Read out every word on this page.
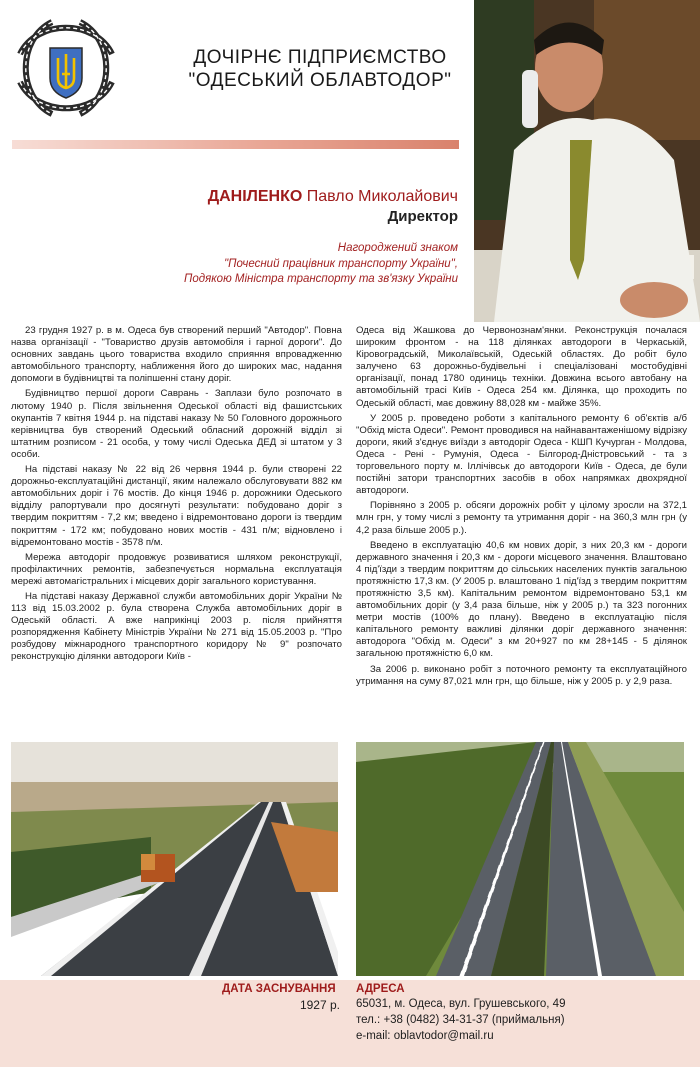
ДОЧІРНЄ ПІДПРИЄМСТВО
"ОДЕСЬКИЙ ОБЛАВТОДОР"
ДАНІЛЕНКО Павло Миколайович
Директор
Нагороджений знаком
"Почесний працівник транспорту України",
Подякою Міністра транспорту та зв'язку України

23 грудня 1927 р. в м. Одеса був створений перший "Автодор". Повна назва організації - "Товариство друзів автомобіля і гарної дороги". До основних завдань цього товариства входило сприяння впровадженню автомобільного транспорту, наближення його до широких мас, надання допомоги в будівництві та поліпшенні стану доріг.

Будівництво першої дороги Саврань - Заплази було розпочато в лютому 1940 р. Після звільнення Одеської області від фашистських окупантів 7 квітня 1944 р. на підставі наказу № 50 Головного дорожнього керівництва був створений Одеський обласний дорожній відділ зі штатним розписом - 21 особа, у тому числі Одеська ДЕД зі штатом у 3 особи.

На підставі наказу № 22 від 26 червня 1944 р. були створені 22 дорожньо-експлуатаційні дистанції, яким належало обслуговувати 882 км автомобільних доріг і 76 мостів. До кінця 1946 р. дорожники Одеського відділу рапортували про досягнуті результати: побудовано доріг з твердим покриттям - 7,2 км; введено і відремонтовано дороги із твердим покриттям - 172 км; побудовано нових мостів - 431 п/м; відновлено і відремонтовано мостів - 3578 п/м.

Мережа автодоріг продовжує розвиватися шляхом реконструкції, профілактичних ремонтів, забезпечується нормальна експлуатація мережі автомагістральних і місцевих доріг загального користування.

На підставі наказу Державної служби автомобільних доріг України № 113 від 15.03.2002 р. була створена Служба автомобільних доріг в Одеській області. А вже наприкінці 2003 р. після прийняття розпорядження Кабінету Міністрів України № 271 від 15.05.2003 р. "Про розбудову міжнародного транспортного коридору № 9" розпочато реконструкцію ділянки автодороги Київ -

Одеса від Жашкова до Червонознам'янки. Реконструкція почалася широким фронтом - на 118 ділянках автодороги в Черкаській, Кіровоградській, Миколаївській, Одеській областях. До робіт було залучено 63 дорожньо-будівельні і спеціалізовані мостобудівні організації, понад 1780 одиниць техніки. Довжина всього автобану на автомобільній трасі Київ - Одеса 254 км. Ділянка, що проходить по Одеській області, має довжину 88,028 км - майже 35%.

У 2005 р. проведено роботи з капітального ремонту 6 об'єктів а/б "Обхід міста Одеси". Ремонт проводився на найнавантаженішому відрізку дороги, який з'єднує виїзди з автодоріг Одеса - КШП Кучурган - Молдова, Одеса - Рені - Румунія, Одеса - Білгород-Дністровський - та з торговельного порту м. Іллічівськ до автодороги Київ - Одеса, де були постійні затори транспортних засобів в обох напрямках двохрядної автодороги.

Порівняно з 2005 р. обсяги дорожніх робіт у цілому зросли на 372,1 млн грн, у тому числі з ремонту та утримання доріг - на 360,3 млн грн (у 4,2 раза більше 2005 р.).

Введено в експлуатацію 40,6 км нових доріг, з них 20,3 км - дороги державного значення і 20,3 км - дороги місцевого значення. Влаштовано 4 під'їзди з твердим покриттям до сільських населених пунктів загальною протяжністю 17,3 км. (У 2005 р. влаштовано 1 під'їзд з твердим покриттям протяжністю 3,5 км). Капітальним ремонтом відремонтовано 53,1 км автомобільних доріг (у 3,4 раза більше, ніж у 2005 р.) та 323 погонних метри мостів (100% до плану). Введено в експлуатацію після капітального ремонту важливі ділянки доріг державного значення: автодорога "Обхід м. Одеси" з км 20+927 по км 28+145 - 5 ділянок загальною протяжністю 6,0 км.

За 2006 р. виконано робіт з поточного ремонту та експлуатаційного утримання на суму 87,021 млн грн, що більше, ніж у 2005 р. у 2,9 раза.

ДАТА ЗАСНУВАННЯ
1927 р.
АДРЕСА
65031, м. Одеса, вул. Грушевського, 49
тел.: +38 (0482) 34-31-37 (приймальня)
e-mail: oblavtodor@mail.ru
